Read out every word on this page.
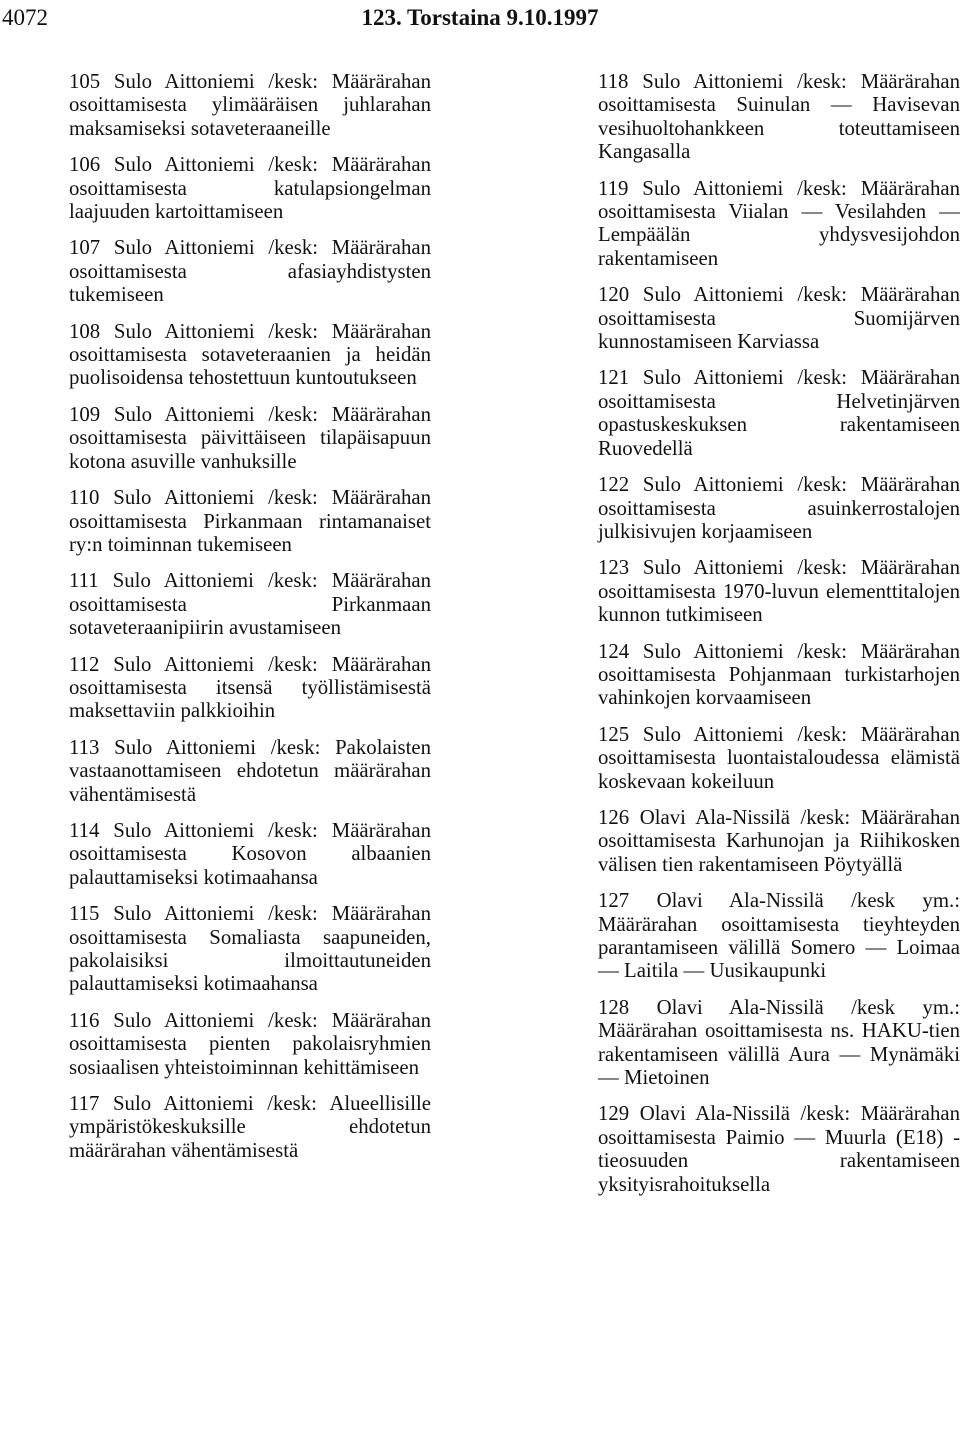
4072	123. Torstaina 9.10.1997

105 Sulo Aittoniemi /kesk: Määrärahan osoittamisesta ylimääräisen juhlarahan maksamiseksi sotaveteraaneille

106 Sulo Aittoniemi /kesk: Määrärahan osoittamisesta katulapsiongelman laajuuden kartoittamiseen

107 Sulo Aittoniemi /kesk: Määrärahan osoittamisesta afasiayhdistysten tukemiseen

108 Sulo Aittoniemi /kesk: Määrärahan osoittamisesta sotaveteraanien ja heidän puolisoidensa tehostettuun kuntoutukseen

109 Sulo Aittoniemi /kesk: Määrärahan osoittamisesta päivittäiseen tilapäisapuun kotona asuville vanhuksille

110 Sulo Aittoniemi /kesk: Määrärahan osoittamisesta Pirkanmaan rintamanaiset ry:n toiminnan tukemiseen

111 Sulo Aittoniemi /kesk: Määrärahan osoittamisesta Pirkanmaan sotaveteraanipiirin avustamiseen

112 Sulo Aittoniemi /kesk: Määrärahan osoittamisesta itsensä työllistämisestä maksettaviin palkkioihin

113 Sulo Aittoniemi /kesk: Pakolaisten vastaanottamiseen ehdotetun määrärahan vähentämisestä

114 Sulo Aittoniemi /kesk: Määrärahan osoittamisesta Kosovon albaanien palauttamiseksi kotimaahansa

115 Sulo Aittoniemi /kesk: Määrärahan osoittamisesta Somaliasta saapuneiden, pakolaisiksi ilmoittautuneiden palauttamiseksi kotimaahansa

116 Sulo Aittoniemi /kesk: Määrärahan osoittamisesta pienten pakolaisryhmien sosiaalisen yhteistoiminnan kehittämiseen

117 Sulo Aittoniemi /kesk: Alueellisille ympäristökeskuksille ehdotetun määrärahan vähentämisestä

118 Sulo Aittoniemi /kesk: Määrärahan osoittamisesta Suinulan — Havisevan vesihuoltohankkeen toteuttamiseen Kangasalla

119 Sulo Aittoniemi /kesk: Määrärahan osoittamisesta Viialan — Vesilahden — Lempäälän yhdysvesijohdon rakentamiseen

120 Sulo Aittoniemi /kesk: Määrärahan osoittamisesta Suomijärven kunnostamiseen Karviassa

121 Sulo Aittoniemi /kesk: Määrärahan osoittamisesta Helvetinjärven opastuskeskuksen rakentamiseen Ruovedellä

122 Sulo Aittoniemi /kesk: Määrärahan osoittamisesta asuinkerrostalojen julkisivujen korjaamiseen

123 Sulo Aittoniemi /kesk: Määrärahan osoittamisesta 1970-luvun elementtitalojen kunnon tutkimiseen

124 Sulo Aittoniemi /kesk: Määrärahan osoittamisesta Pohjanmaan turkistarhojen vahinkojen korvaamiseen

125 Sulo Aittoniemi /kesk: Määrärahan osoittamisesta luontaistaloudessa elämistä koskevaan kokeiluun

126 Olavi Ala-Nissilä /kesk: Määrärahan osoittamisesta Karhunojan ja Riihikosken välisen tien rakentamiseen Pöytyällä

127 Olavi Ala-Nissilä /kesk ym.: Määrärahan osoittamisesta tieyhteyden parantamiseen välillä Somero — Loimaa — Laitila — Uusikaupunki

128 Olavi Ala-Nissilä /kesk ym.: Määrärahan osoittamisesta ns. HAKU-tien rakentamiseen välillä Aura — Mynämäki — Mietoinen

129 Olavi Ala-Nissilä /kesk: Määrärahan osoittamisesta Paimio — Muurla (E18) -tieosuuden rakentamiseen yksityisrahoituksella
